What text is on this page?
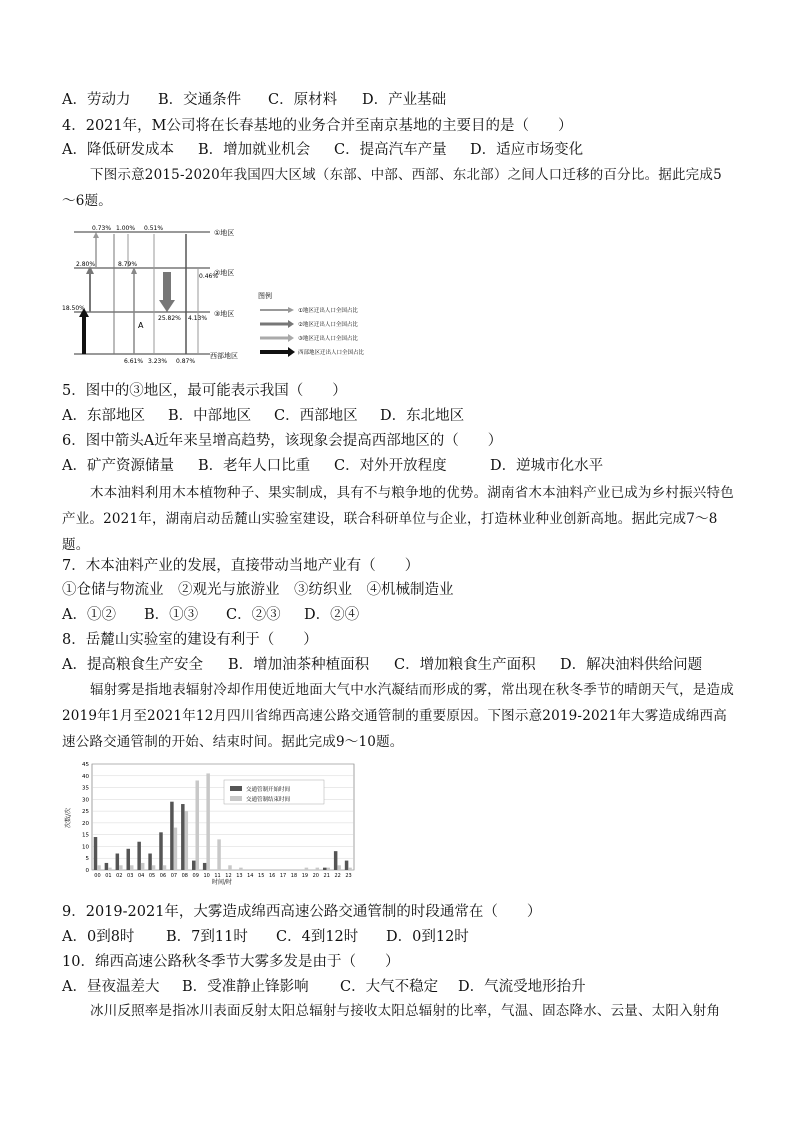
A．劳动力 B．交通条件 C．原材料 D．产业基础
4．2021年，M公司将在长春基地的业务合并至南京基地的主要目的是（　　）
A．降低研发成本 B．增加就业机会 C．提高汽车产量 D．适应市场变化
下图示意2015-2020年我国四大区域（东部、中部、西部、东北部）之间人口迁移的百分比。据此完成5～6题。
①地区
②地区
③地区
西部地区
A
0.73% 1.00% 0.51%
2.80%	8.79%
0.46%
18.50%
25.82% 4.13%
6.61% 3.23% 0.87%
图例
①地区迁出人口全国占比
②地区迁出人口全国占比
③地区迁出人口全国占比
西部地区迁出人口全国占比
5．图中的③地区，最可能表示我国（　　）
A．东部地区 B．中部地区 C．西部地区 D．东北地区
6．图中箭头A近年来呈增高趋势，该现象会提高西部地区的（　　）
A．矿产资源储量 B．老年人口比重 C．对外开放程度	D．逆城市化水平
木本油料利用木本植物种子、果实制成，具有不与粮争地的优势。湖南省木本油料产业已成为乡村振兴特色产业。2021年，湖南启动岳麓山实验室建设，联合科研单位与企业，打造林业种业创新高地。据此完成7～8题。
7．木本油料产业的发展，直接带动当地产业有（　　）
①仓储与物流业　②观光与旅游业　③纺织业　④机械制造业
A．①② B．①③ C．②③ D．②④
8．岳麓山实验室的建设有利于（　　）
A．提高粮食生产安全 B．增加油茶种植面积 C．增加粮食生产面积 D．解决油料供给问题
辐射雾是指地表辐射冷却作用使近地面大气中水汽凝结而形成的雾，常出现在秋冬季节的晴朗天气，是造成2019年1月至2021年12月四川省绵西高速公路交通管制的重要原因。下图示意2019-2021年大雾造成绵西高速公路交通管制的开始、结束时间。据此完成9～10题。
次数/次
时间/时
0
5
10
15
20
25
30
35
40
45
00 01 02 03 04 05 06 07 08 09 10 11 12 13 14 15 16 17 18 19 20 21 22 23
交通管制开始时间
交通管制结束时间
9．2019-2021年，大雾造成绵西高速公路交通管制的时段通常在（　　）
A．0到8时 B．7到11时 C．4到12时 D．0到12时
10．绵西高速公路秋冬季节大雾多发是由于（　　）
A．昼夜温差大 B．受准静止锋影响 C．大气不稳定 D．气流受地形抬升
冰川反照率是指冰川表面反射太阳总辐射与接收太阳总辐射的比率，气温、固态降水、云量、太阳入射角
